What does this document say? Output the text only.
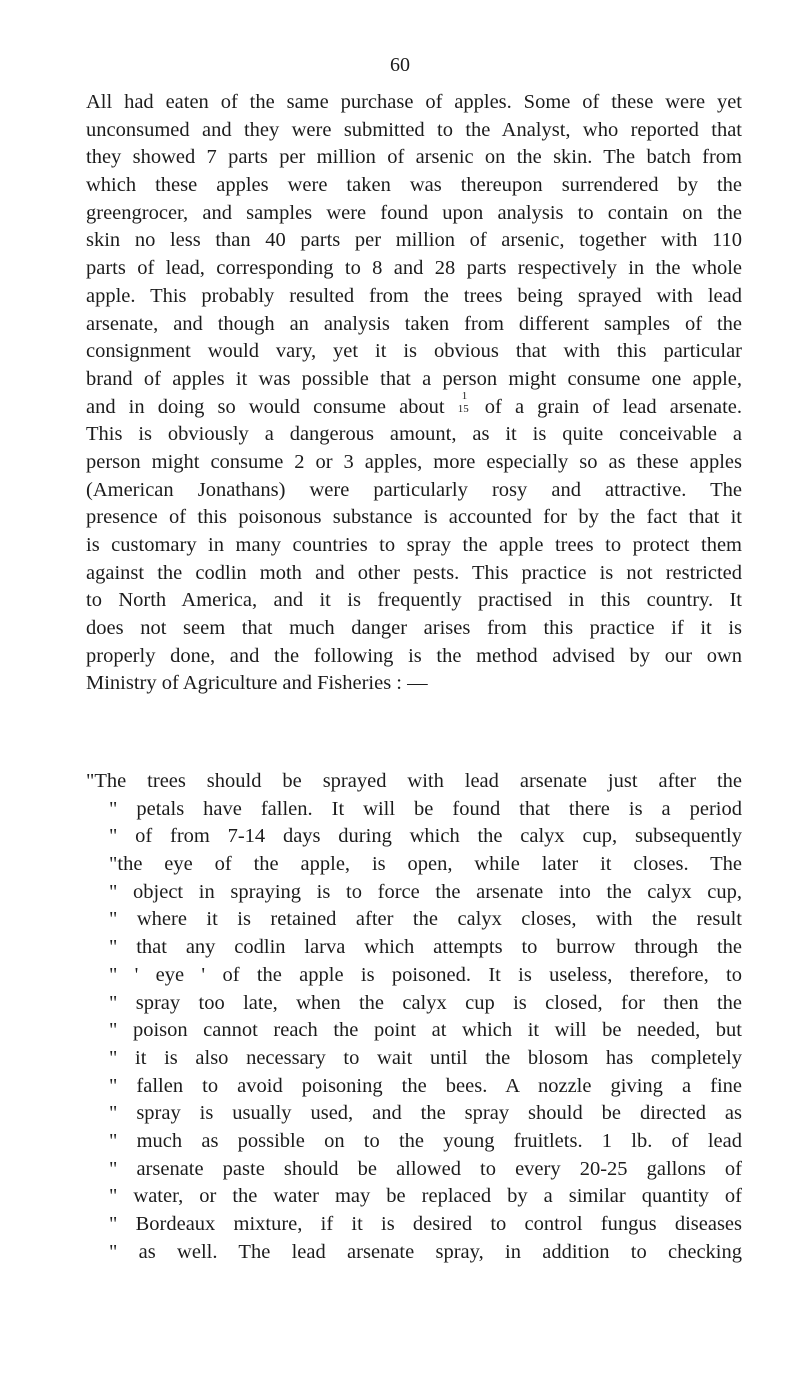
60
All had eaten of the same purchase of apples. Some of these were yet
unconsumed and they were submitted to the Analyst, who reported that
they showed 7 parts per million of arsenic on the skin. The batch from
which these apples were taken was thereupon surrendered by the
greengrocer, and samples were found upon analysis to contain on the
skin no less than 40 parts per million of arsenic, together with 110
parts of lead, corresponding to 8 and 28 parts respectively in the whole
apple. This probably resulted from the trees being sprayed with lead
arsenate, and though an analysis taken from different samples of the
consignment would vary, yet it is obvious that with this particular
brand of apples it was possible that a person might consume one apple,
and in doing so would consume about 1
15 of a grain of lead arsenate.
This is obviously a dangerous amount, as it is quite conceivable a
person might consume 2 or 3 apples, more especially so as these apples
(American Jonathans) were particularly rosy and attractive. The
presence of this poisonous substance is accounted for by the fact that it
is customary in many countries to spray the apple trees to protect them
against the codlin moth and other pests. This practice is not restricted
to North America, and it is frequently practised in this country. It
does not seem that much danger arises from this practice if it is
properly done, and the following is the method advised by our own
Ministry of Agriculture and Fisheries : —
"The trees should be sprayed with lead arsenate just after the
" petals have fallen. It will be found that there is a period
" of from 7-14 days during which the calyx cup, subsequently
"the eye of the apple, is open, while later it closes. The
" object in spraying is to force the arsenate into the calyx cup,
" where it is retained after the calyx closes, with the result
" that any codlin larva which attempts to burrow through the
" ' eye ' of the apple is poisoned. It is useless, therefore, to
" spray too late, when the calyx cup is closed, for then the
" poison cannot reach the point at which it will be needed, but
" it is also necessary to wait until the blosom has completely
" fallen to avoid poisoning the bees. A nozzle giving a fine
" spray is usually used, and the spray should be directed as
" much as possible on to the young fruitlets. 1 lb. of lead
" arsenate paste should be allowed to every 20-25 gallons of
" water, or the water may be replaced by a similar quantity of
" Bordeaux mixture, if it is desired to control fungus diseases
" as well. The lead arsenate spray, in addition to checking
